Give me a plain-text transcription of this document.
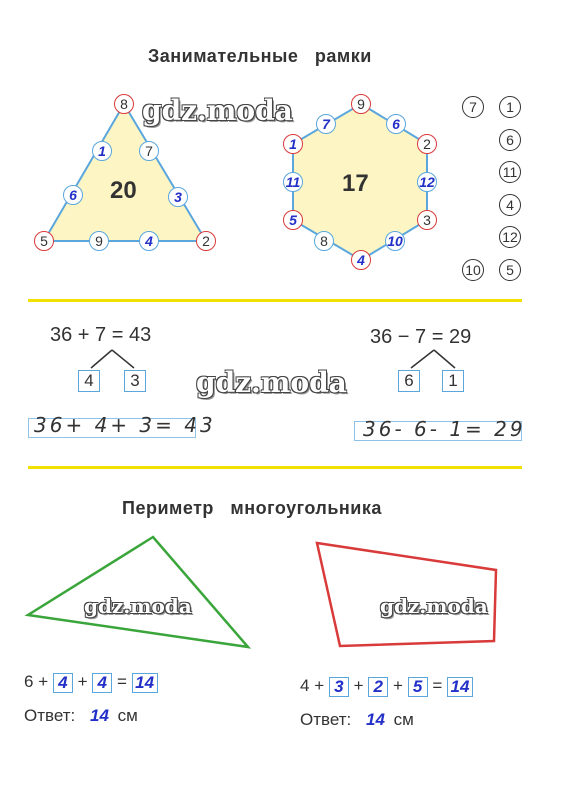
Занимательные   рамки
20
8
5	2
1
6
7
3
9	4
17
9
2
3
4
5
1
7	6
12
10
8
11
7	1
6
11
4
12
10	5
36 + 7 = 43
4	3
36 − 7 = 29
6	1
36+ 4+ 3= 43	36- 6- 1= 29
Периметр   многоугольника
6 + 4 + 4 = 14
Ответ: 14 см
4 + 3 + 2 + 5 = 14
Ответ: 14 см
gdz.moda
gdz.moda
gdz.moda	gdz.moda
